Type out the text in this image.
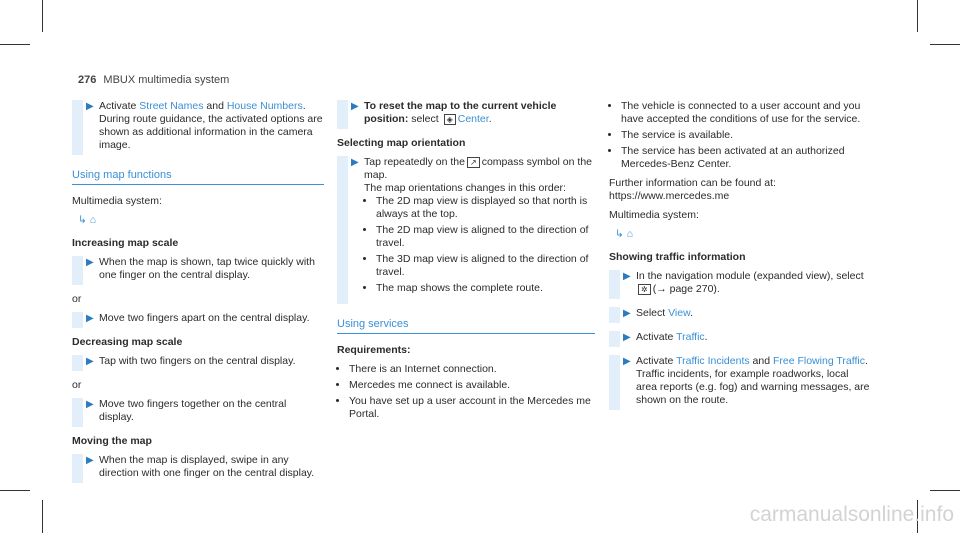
276 MBUX multimedia system
▶ Activate Street Names and House Numbers.

During route guidance, the activated options are shown as additional information in the camera image.

Using map functions

Multimedia system:

↳ ⌂
Increasing map scale
▶ When the map is shown, tap twice quickly with one finger on the central display.

or

▶ Move two fingers apart on the central display.

Decreasing map scale
▶ Tap with two fingers on the central display.

or

▶ Move two fingers together on the central display.

Moving the map
▶ When the map is displayed, swipe in any direction with one finger on the central display.

▶ To reset the map to the current vehicle position: select ◈ Center.

Selecting map orientation
▶ Tap repeatedly on the ↗ compass symbol on the map.

The map orientations changes in this order:

• The 2D map view is displayed so that north is always at the top.
• The 2D map view is aligned to the direction of travel.
• The 3D map view is aligned to the direction of travel.
• The map shows the complete route.
Using services
Requirements:
• There is an Internet connection.
• Mercedes me connect is available.
• You have set up a user account in the Mercedes me Portal.
• The vehicle is connected to a user account and you have accepted the conditions of use for the service.
• The service is available.
• The service has been activated at an authorized Mercedes-Benz Center.

Further information can be found at: https://www.mercedes.me

Multimedia system:

↳ ⌂
Showing traffic information
▶ In the navigation module (expanded view), select✲ (→ page 270).

▶ Select View.

▶ Activate Traffic.

▶ Activate Traffic Incidents and Free Flowing Traffic.

Traffic incidents, for example roadworks, local area reports (e.g. fog) and warning messages, are shown on the route.

carmanualsonline.info
